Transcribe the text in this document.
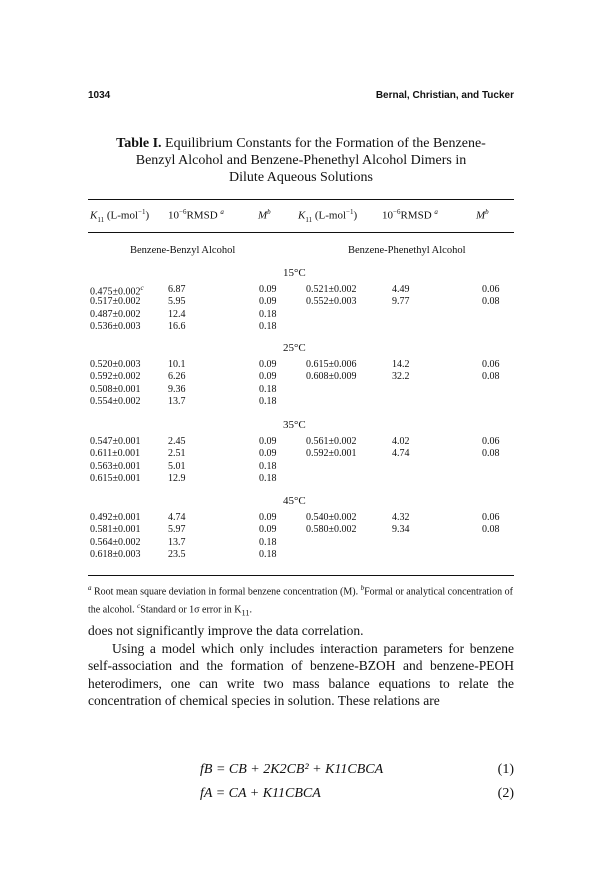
1034	Bernal, Christian, and Tucker
Table I. Equilibrium Constants for the Formation of the Benzene-
Benzyl Alcohol and Benzene-Phenethyl Alcohol Dimers in
Dilute Aqueous Solutions
$K_{11}$ (L-mol$^{-1}$) $10^{-6}RMSD$ $^a$	$M^b$ $K_{11}$ (L-mol$^{-1}$) $10^{-6}RMSD$ $^a$	$M^b$
Benzene-Benzyl Alcohol	Benzene-Phenethyl Alcohol
15°C
0.475±0.002$^c$ 6.87	0.09	0.521±0.002	4.49	0.06
0.517±0.002	5.95	0.09	0.552±0.003	9.77	0.08
0.487±0.002	12.4	0.18
0.536±0.003	16.6	0.18
25°C
0.520±0.003	10.1	0.09	0.615±0.006	14.2	0.06
0.592±0.002	6.26	0.09	0.608±0.009	32.2	0.08
0.508±0.001	9.36	0.18
0.554±0.002	13.7	0.18
35°C
0.547±0.001	2.45	0.09	0.561±0.002	4.02	0.06
0.611±0.001	2.51	0.09	0.592±0.001	4.74	0.08
0.563±0.001	5.01	0.18
0.615±0.001	12.9	0.18
45°C
0.492±0.001	4.74	0.09	0.540±0.002	4.32	0.06
0.581±0.001	5.97	0.09	0.580±0.002	9.34	0.08
0.564±0.002	13.7	0.18
0.618±0.003	23.5	0.18
$^a$ Root mean square deviation in formal benzene concentration (M). $^b$Formal or analytical concentration of the alcohol. $^c$Standard or 1σ error in $K_{11}$.

does not significantly improve the data correlation.

Using a model which only includes interaction parameters for benzene self-association and the formation of benzene-BZOH and benzene-PEOH heterodimers, one can write two mass balance equations to relate the concentration of chemical species in solution. These relations are

fB = CB + 2K2CB² + K11CBCA	(1)
fA = CA + K11CBCA	(2)
